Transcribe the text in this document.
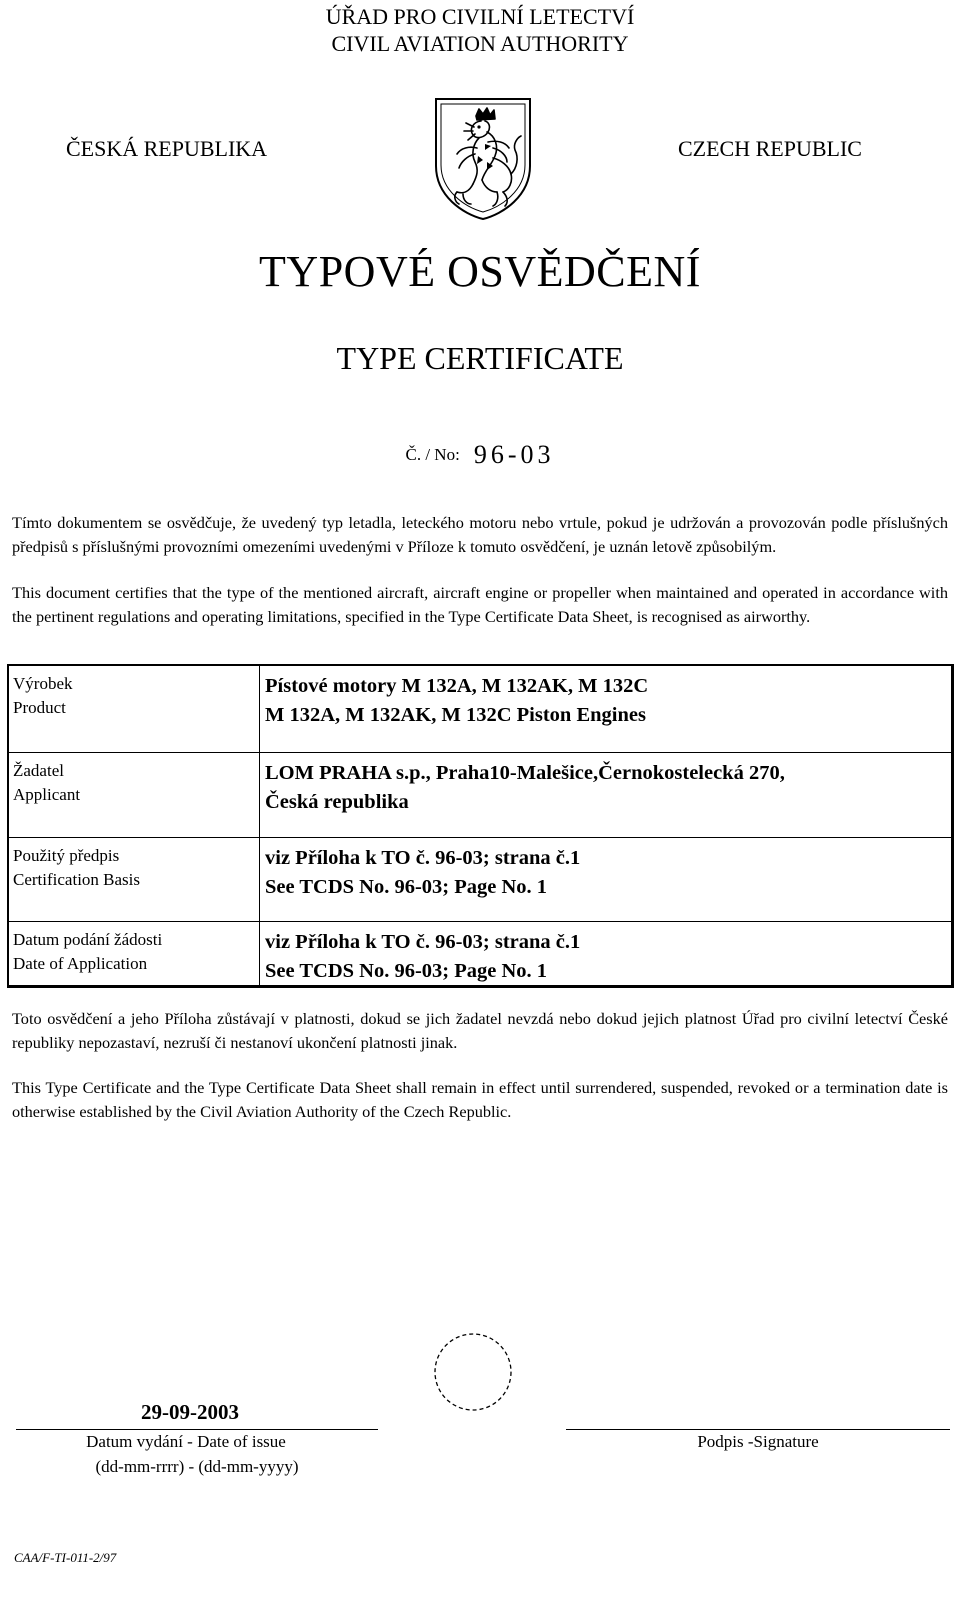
ÚŘAD PRO CIVILNÍ LETECTVÍ
CIVIL AVIATION AUTHORITY
ČESKÁ REPUBLIKA	CZECH REPUBLIC
TYPOVÉ OSVĚDČENÍ
TYPE CERTIFICATE
Č. / No: 96-03

Tímto dokumentem se osvědčuje, že uvedený typ letadla, leteckého motoru nebo vrtule, pokud je udržován a provozován podle příslušných předpisů s příslušnými provozními omezeními uvedenými v Příloze k tomuto osvědčení, je uznán letově způsobilým.

This document certifies that the type of the mentioned aircraft, aircraft engine or propeller when maintained and operated in accordance with the pertinent regulations and operating limitations, specified in the Type Certificate Data Sheet, is recognised as airworthy.

Výrobek
Product
Pístové motory M 132A, M 132AK, M 132C
M 132A, M 132AK, M 132C Piston Engines
Žadatel
Applicant
LOM PRAHA s.p., Praha10-Malešice,Černokostelecká 270,
Česká republika
Použitý předpis
Certification Basis
viz Příloha k TO č. 96-03; strana č.1
See TCDS No. 96-03; Page No. 1
Datum podání žádosti
Date of Application
viz Příloha k TO č. 96-03; strana č.1
See TCDS No. 96-03; Page No. 1

Toto osvědčení a jeho Příloha zůstávají v platnosti, dokud se jich žadatel nevzdá nebo dokud jejich platnost Úřad pro civilní letectví České republiky nepozastaví, nezruší či nestanoví ukončení platnosti jinak.

This Type Certificate and the Type Certificate Data Sheet shall remain in effect until surrendered, suspended, revoked or a termination date is otherwise established by the Civil Aviation Authority of the Czech Republic.

29-09-2003
Datum vydání - Date of issue
(dd-mm-rrrr) - (dd-mm-yyyy)
Podpis -Signature
CAA/F-TI-011-2/97
